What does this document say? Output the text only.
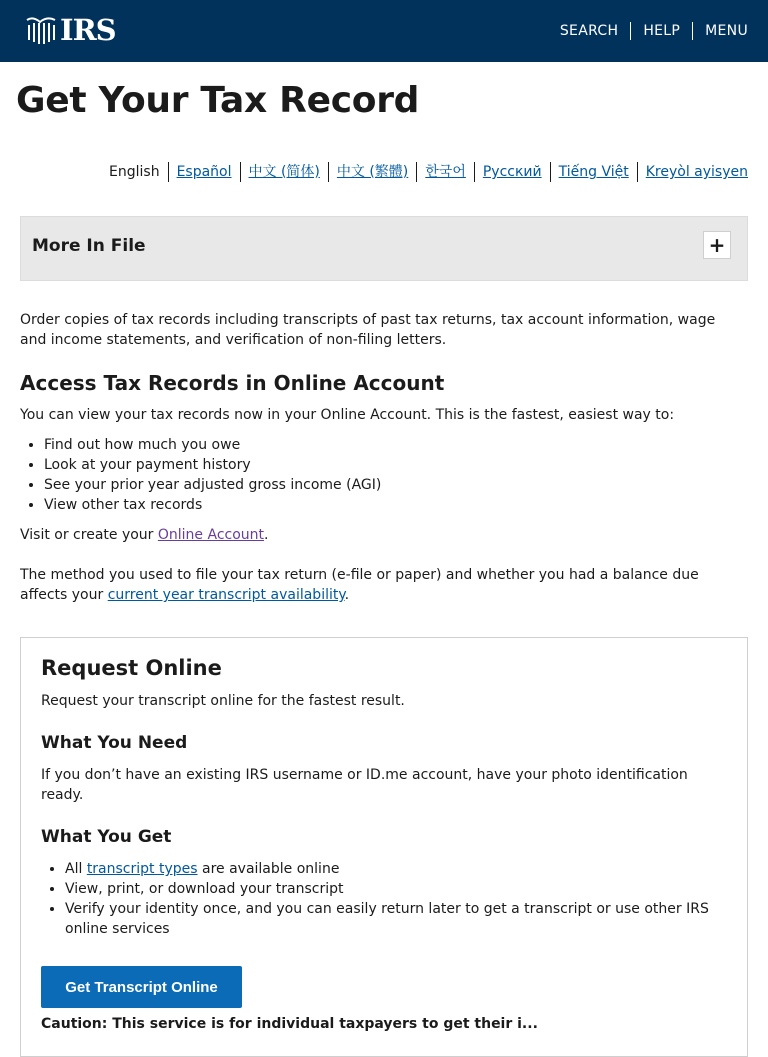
IRS	SEARCH	HELP	MENU
Get Your Tax Record
English	Español	中文 (简体)	中文 (繁體)	한국어	Русский	Tiếng Việt	Kreyòl ayisyen
More In File	+

Order copies of tax records including transcripts of past tax returns, tax account information, wage and income statements, and verification of non-filing letters.

Access Tax Records in Online Account

You can view your tax records now in your Online Account. This is the fastest, easiest way to:

• Find out how much you owe
• Look at your payment history
• See your prior year adjusted gross income (AGI)
• View other tax records

Visit or create your Online Account.

The method you used to file your tax return (e-file or paper) and whether you had a balance due affects your current year transcript availability.

Request Online

Request your transcript online for the fastest result.

What You Need

If you don’t have an existing IRS username or ID.me account, have your photo identification ready.

What You Get
• All transcript types are available online
• View, print, or download your transcript
• Verify your identity once, and you can easily return later to get a transcript or use other IRS online services
Get Transcript Online
Caution: This service is for individual taxpayers to get their i...
